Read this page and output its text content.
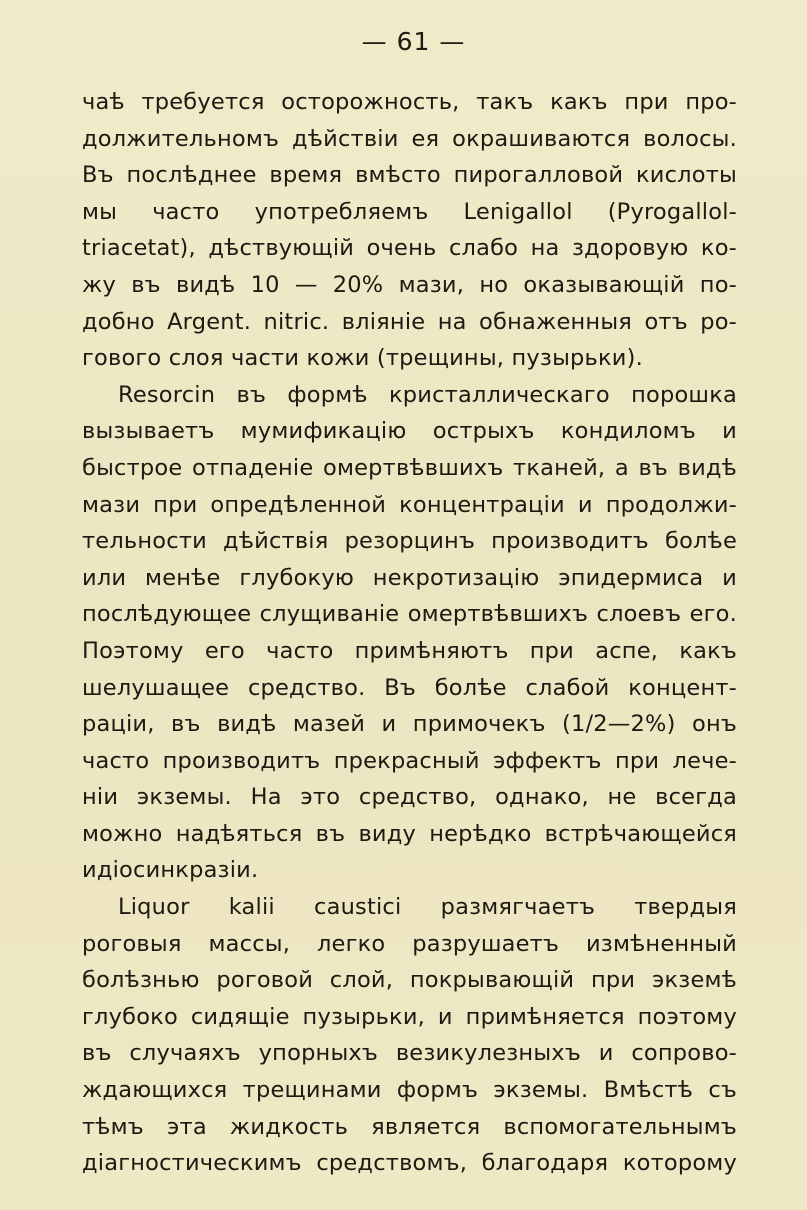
— 61 —

чаѣ требуется осторожность, такъ какъ при про-
должительномъ дѣйствіи ея окрашиваются волосы.
Въ послѣднее время вмѣсто пирогалловой кислоты
мы часто употребляемъ Lenigallol (Pyrogallol-
triacetat), дѣствующій очень слабо на здоровую ко-
жу въ видѣ 10 — 20% мази, но оказывающій по-
добно Argent. nitric. вліяніе на обнаженныя отъ ро-
гового слоя части кожи (трещины, пузырьки).

Resorcin въ формѣ кристаллическаго порошка
вызываетъ мумификацію острыхъ кондиломъ и
быстрое отпаденіе омертвѣвшихъ тканей, а въ видѣ
мази при опредѣленной концентраціи и продолжи-
тельности дѣйствія резорцинъ производитъ болѣе
или менѣе глубокую некротизацію эпидермиса и
послѣдующее слущиваніе омертвѣвшихъ слоевъ его.
Поэтому его часто примѣняютъ при аспе, какъ
шелушащее средство. Въ болѣе слабой концент-
раціи, въ видѣ мазей и примочекъ (1/2—2%) онъ
часто производитъ прекрасный эффектъ при лече-
ніи экземы. На это средство, однако, не всегда
можно надѣяться въ виду нерѣдко встрѣчающейся
идіосинкразіи.

Liquor kalii caustici размягчаетъ твердыя
роговыя массы, легко разрушаетъ измѣненный
болѣзнью роговой слой, покрывающій при экземѣ
глубоко сидящіе пузырьки, и примѣняется поэтому
въ случаяхъ упорныхъ везикулезныхъ и сопрово-
ждающихся трещинами формъ экземы. Вмѣстѣ съ
тѣмъ эта жидкость является вспомогательнымъ
діагностическимъ средствомъ, благодаря которому
